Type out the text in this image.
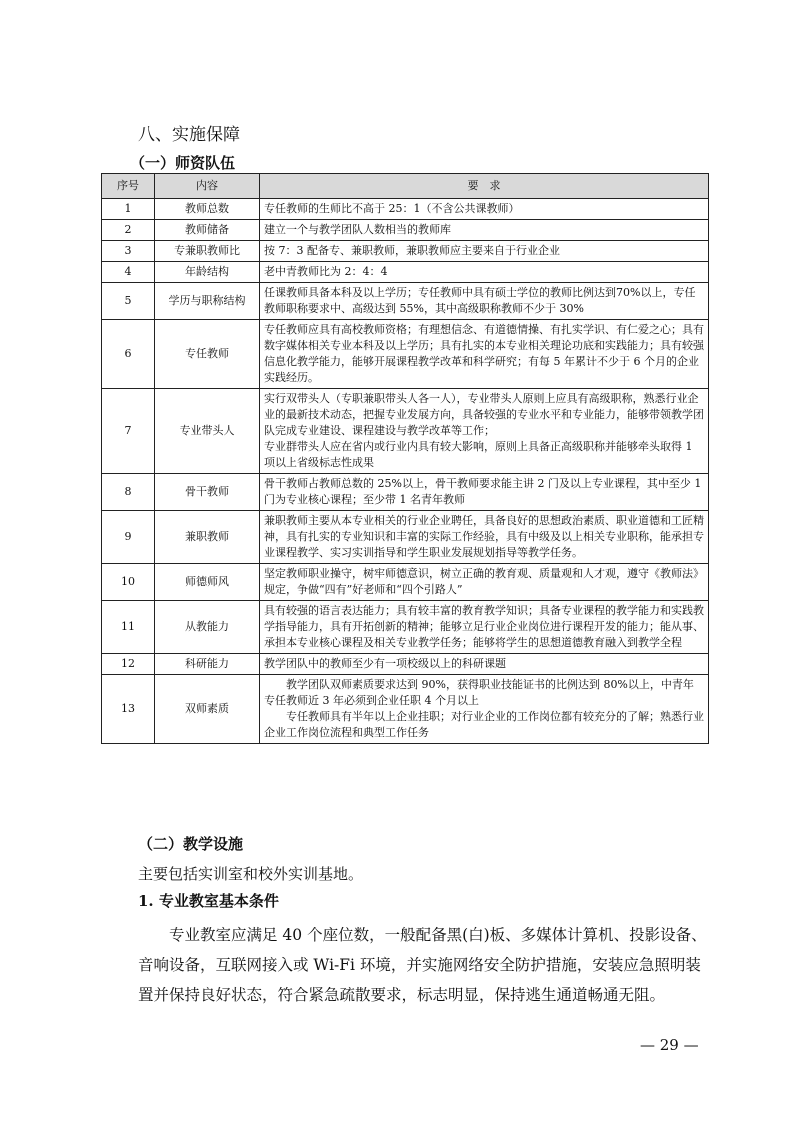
八、实施保障
（一）师资队伍
序号	内容	要　求
1	教师总数	专任教师的生师比不高于 25：1（不含公共课教师）

2	教师储备	建立一个与教学团队人数相当的教师库

3	专兼职教师比	按 7：3 配备专、兼职教师，兼职教师应主要来自于行业企业

4	年龄结构	老中青教师比为 2：4：4

5	学历与职称结构	任课教师具备本科及以上学历；专任教师中具有硕士学位的教师比例达到70%以上，专任教师职称要求中、高级达到 55%，其中高级职称教师不少于 30%

6	专任教师	专任教师应具有高校教师资格；有理想信念、有道德情操、有扎实学识、有仁爱之心；具有数字媒体相关专业本科及以上学历；具有扎实的本专业相关理论功底和实践能力；具有较强信息化教学能力，能够开展课程教学改革和科学研究；有每 5 年累计不少于 6 个月的企业实践经历。

7	专业带头人	实行双带头人（专职兼职带头人各一人），专业带头人原则上应具有高级职称，熟悉行业企业的最新技术动态，把握专业发展方向，具备较强的专业水平和专业能力，能够带领教学团队完成专业建设、课程建设与教学改革等工作；
专业群带头人应在省内或行业内具有较大影响，原则上具备正高级职称并能够牵头取得 1 项以上省级标志性成果

8	骨干教师	骨干教师占教师总数的 25%以上，骨干教师要求能主讲 2 门及以上专业课程，其中至少 1 门为专业核心课程；至少带 1 名青年教师

9	兼职教师	兼职教师主要从本专业相关的行业企业聘任，具备良好的思想政治素质、职业道德和工匠精神，具有扎实的专业知识和丰富的实际工作经验，具有中级及以上相关专业职称，能承担专业课程教学、实习实训指导和学生职业发展规划指导等教学任务。

10	师德师风	坚定教师职业操守，树牢师德意识，树立正确的教育观、质量观和人才观，遵守《教师法》规定，争做“四有”好老师和“四个引路人”

11	从教能力	具有较强的语言表达能力；具有较丰富的教育教学知识；具备专业课程的教学能力和实践教学指导能力，具有开拓创新的精神；能够立足行业企业岗位进行课程开发的能力；能从事、承担本专业核心课程及相关专业教学任务；能够将学生的思想道德教育融入到教学全程

12	科研能力	教学团队中的教师至少有一项校级以上的科研课题

13	双师素质	教学团队双师素质要求达到 90%，获得职业技能证书的比例达到 80%以上，中青年专任教师近 3 年必须到企业任职 4 个月以上
专任教师具有半年以上企业挂职；对行业企业的工作岗位都有较充分的了解；熟悉行业企业工作岗位流程和典型工作任务
（二）教学设施
主要包括实训室和校外实训基地。
1. 专业教室基本条件
专业教室应满足 40 个座位数，一般配备黑(白)板、多媒体计算机、投影设备、音响设备，互联网接入或 Wi-Fi 环境，并实施网络安全防护措施，安装应急照明装置并保持良好状态，符合紧急疏散要求，标志明显，保持逃生通道畅通无阻。
— 29 —
